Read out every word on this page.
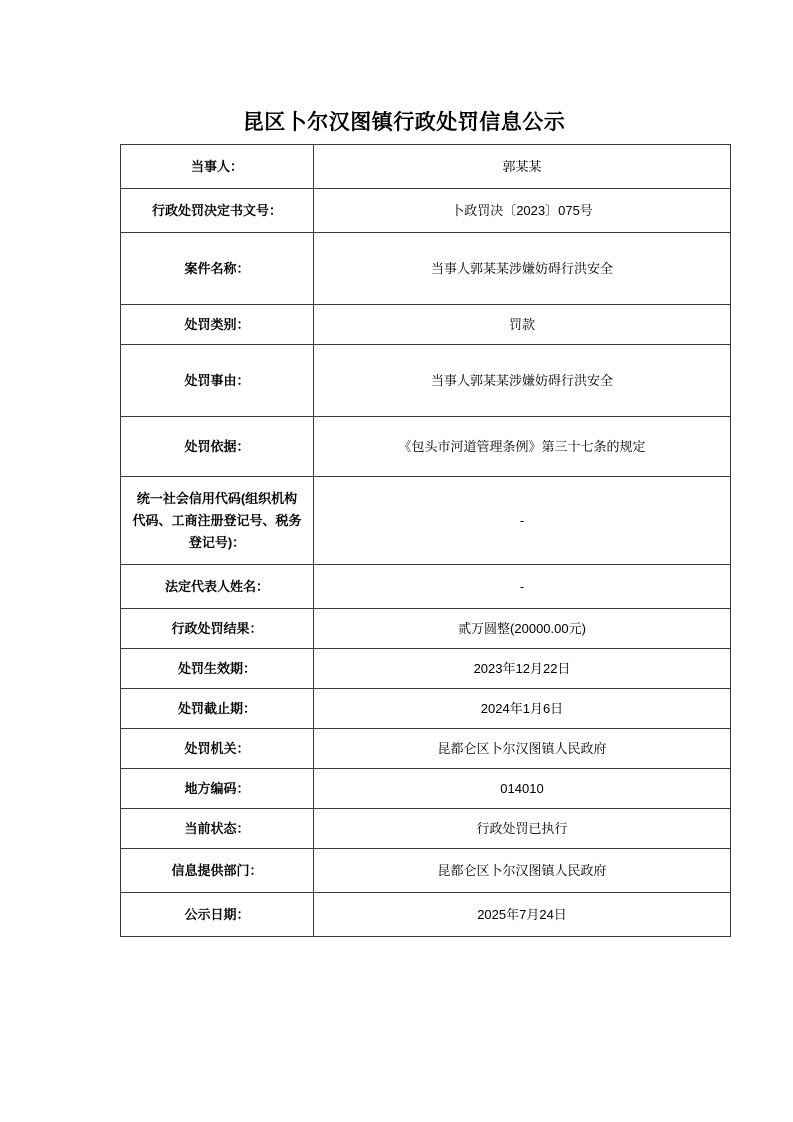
昆区卜尔汉图镇行政处罚信息公示
当事人：	郭某某
行政处罚决定书文号：	卜政罚决〔2023〕075号
案件名称：	当事人郭某某涉嫌妨碍行洪安全
处罚类别：	罚款
处罚事由：	当事人郭某某涉嫌妨碍行洪安全
处罚依据：	《包头市河道管理条例》第三十七条的规定
统一社会信用代码(组织机构代码、工商注册登记号、税务登记号)：	-
法定代表人姓名：	-
行政处罚结果：	贰万圆整(20000.00元)
处罚生效期：	2023年12月22日
处罚截止期：	2024年1月6日
处罚机关：	昆都仑区卜尔汉图镇人民政府
地方编码：	014010
当前状态：	行政处罚已执行
信息提供部门：	昆都仑区卜尔汉图镇人民政府
公示日期：	2025年7月24日
